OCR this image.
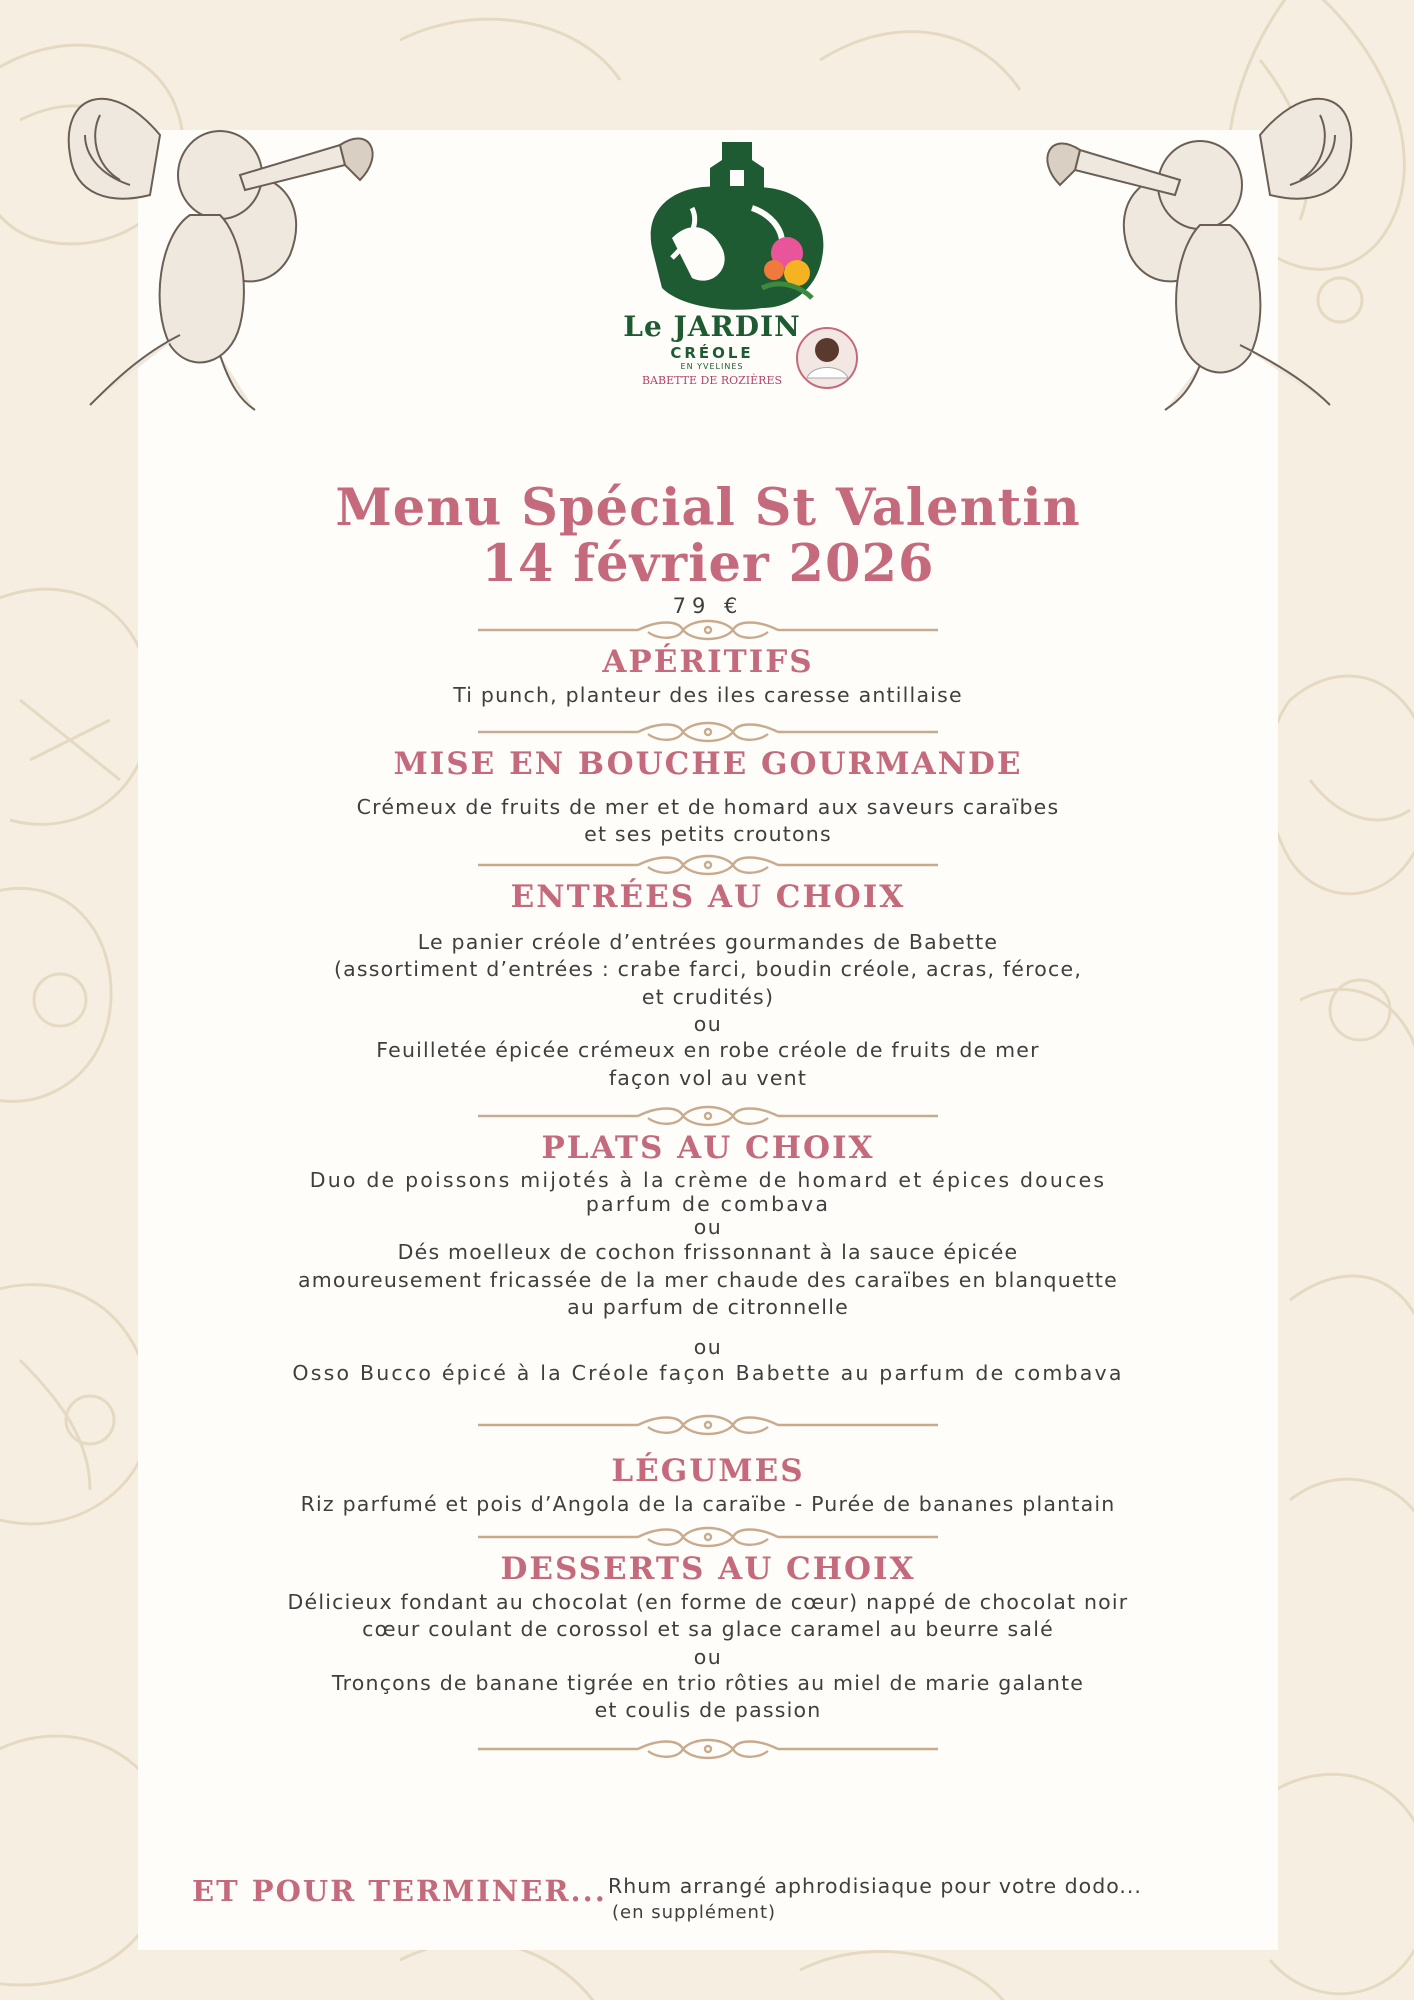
Le JARDIN
CRÉOLE
EN YVELINES
BABETTE DE ROZIÈRES
Menu Spécial St Valentin
14 février 2026
79 €
APÉRITIFS
Ti punch, planteur des iles caresse antillaise
MISE EN BOUCHE GOURMANDE
Crémeux de fruits de mer et de homard aux saveurs caraïbes
et ses petits croutons
ENTRÉES AU CHOIX
Le panier créole d’entrées gourmandes de Babette
(assortiment d’entrées : crabe farci, boudin créole, acras, féroce,
et crudités)
ou
Feuilletée épicée crémeux en robe créole de fruits de mer
façon vol au vent
PLATS AU CHOIX
Duo de poissons mijotés à la crème de homard et épices douces
parfum de combava
ou
Dés moelleux de cochon frissonnant à la sauce épicée
amoureusement fricassée de la mer chaude des caraïbes en blanquette
au parfum de citronnelle
ou
Osso Bucco épicé à la Créole façon Babette au parfum de combava
LÉGUMES
Riz parfumé et pois d’Angola de la caraïbe - Purée de bananes plantain
DESSERTS AU CHOIX
Délicieux fondant au chocolat (en forme de cœur) nappé de chocolat noir
cœur coulant de corossol et sa glace caramel au beurre salé
ou
Tronçons de banane tigrée en trio rôties au miel de marie galante
et coulis de passion
ET POUR TERMINER... Rhum arrangé aphrodisiaque pour votre dodo...
(en supplément)
